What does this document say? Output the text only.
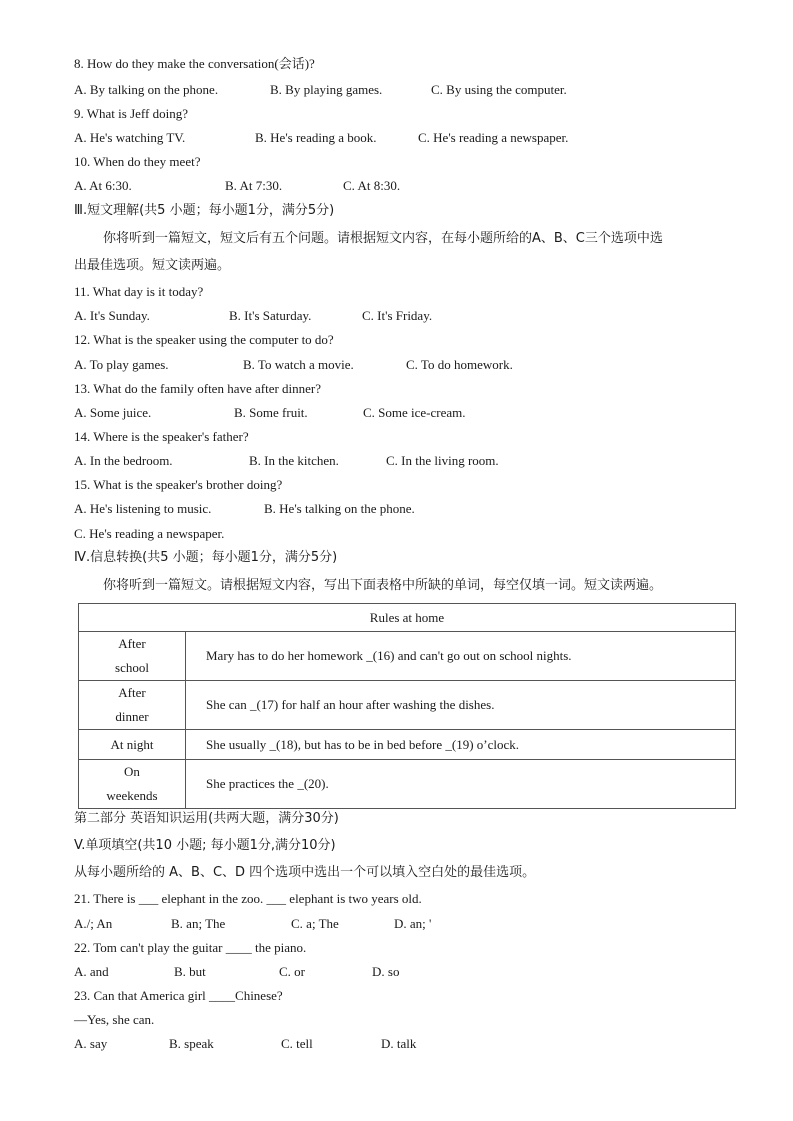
8. How do they make the conversation(会话)?
A. By talking on the phone.	B. By playing games.	C. By using the computer.
9. What is Jeff doing?
A. He's watching TV.	B. He's reading a book.	C. He's reading a newspaper.
10. When do they meet?
A. At 6:30.	B. At 7:30.	C. At 8:30.
Ⅲ.短文理解(共5 小题；每小题1分，满分5分)
你将听到一篇短文，短文后有五个问题。请根据短文内容，在每小题所给的A、B、C三个选项中选
出最佳选项。短文读两遍。
11. What day is it today?
A. It's Sunday.	B. It's Saturday.	C. It's Friday.
12. What is the speaker using the computer to do?
A. To play games.	B. To watch a movie.	C. To do homework.
13. What do the family often have after dinner?
A. Some juice.	B. Some fruit.	C. Some ice-cream.
14. Where is the speaker's father?
A. In the bedroom.	B. In the kitchen.	C. In the living room.
15. What is the speaker's brother doing?
A. He's listening to music.	B. He's talking on the phone.
C. He's reading a newspaper.
Ⅳ.信息转换(共5 小题；每小题1分，满分5分)
你将听到一篇短文。请根据短文内容，写出下面表格中所缺的单词，每空仅填一词。短文读两遍。
Rules at home	
After
school	Mary has to do her homework _(16) and can't go out on school nights.
After
dinner	She can _(17) for half an hour after washing the dishes.
At night	She usually _(18), but has to be in bed before _(19) o’clock.
On
weekends	She practices the _(20).
第二部分 英语知识运用(共两大题，满分30分)
V.单项填空(共10 小题; 每小题1分,满分10分)
从每小题所给的 A、B、C、D 四个选项中选出一个可以填入空白处的最佳选项。
21. There is ___ elephant in the zoo. ___ elephant is two years old.
A./; An	B. an; The	C. a; The	D. an; '
22. Tom can't play the guitar ____ the piano.
A. and	B. but	C. or	D. so
23. Can that America girl ____Chinese?
—Yes, she can.
A. say	B. speak	C. tell	D. talk
